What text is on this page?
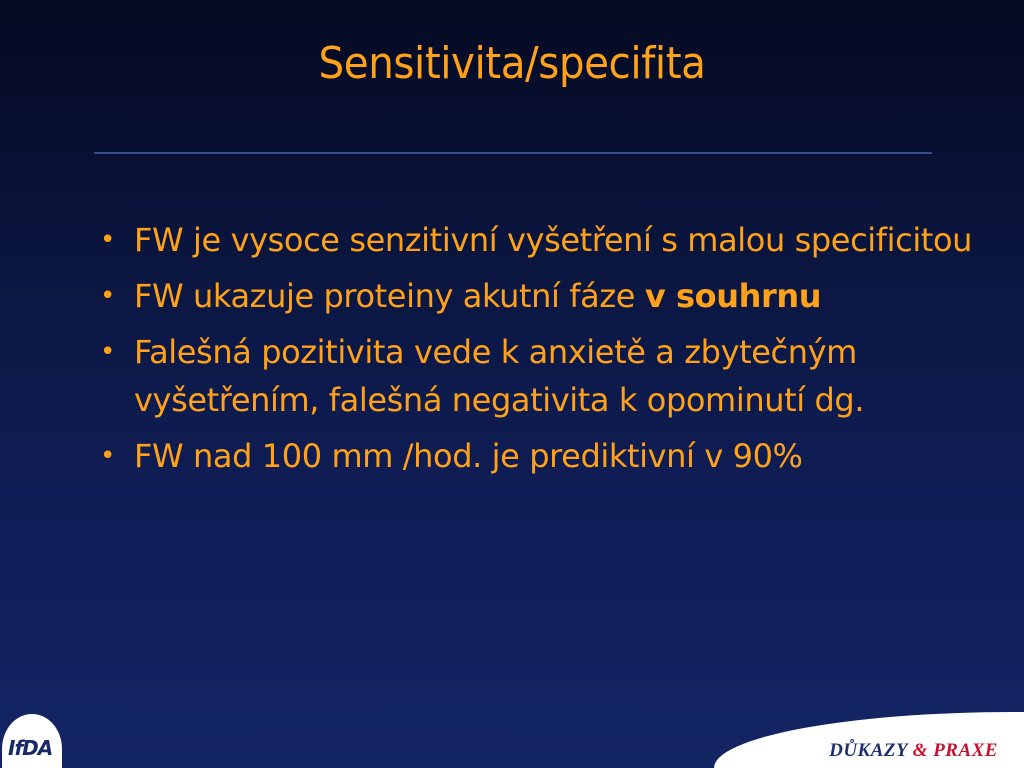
Sensitivita/specifita
• FW je vysoce senzitivní vyšetření s malou specificitou
• FW ukazuje proteiny akutní fáze v souhrnu
• Falešná pozitivita vede k anxietě a zbytečným vyšetřením, falešná negativita k opominutí dg.
• FW nad 100 mm /hod. je prediktivní v 90%
IfDA	DŮKAZY & PRAXE
